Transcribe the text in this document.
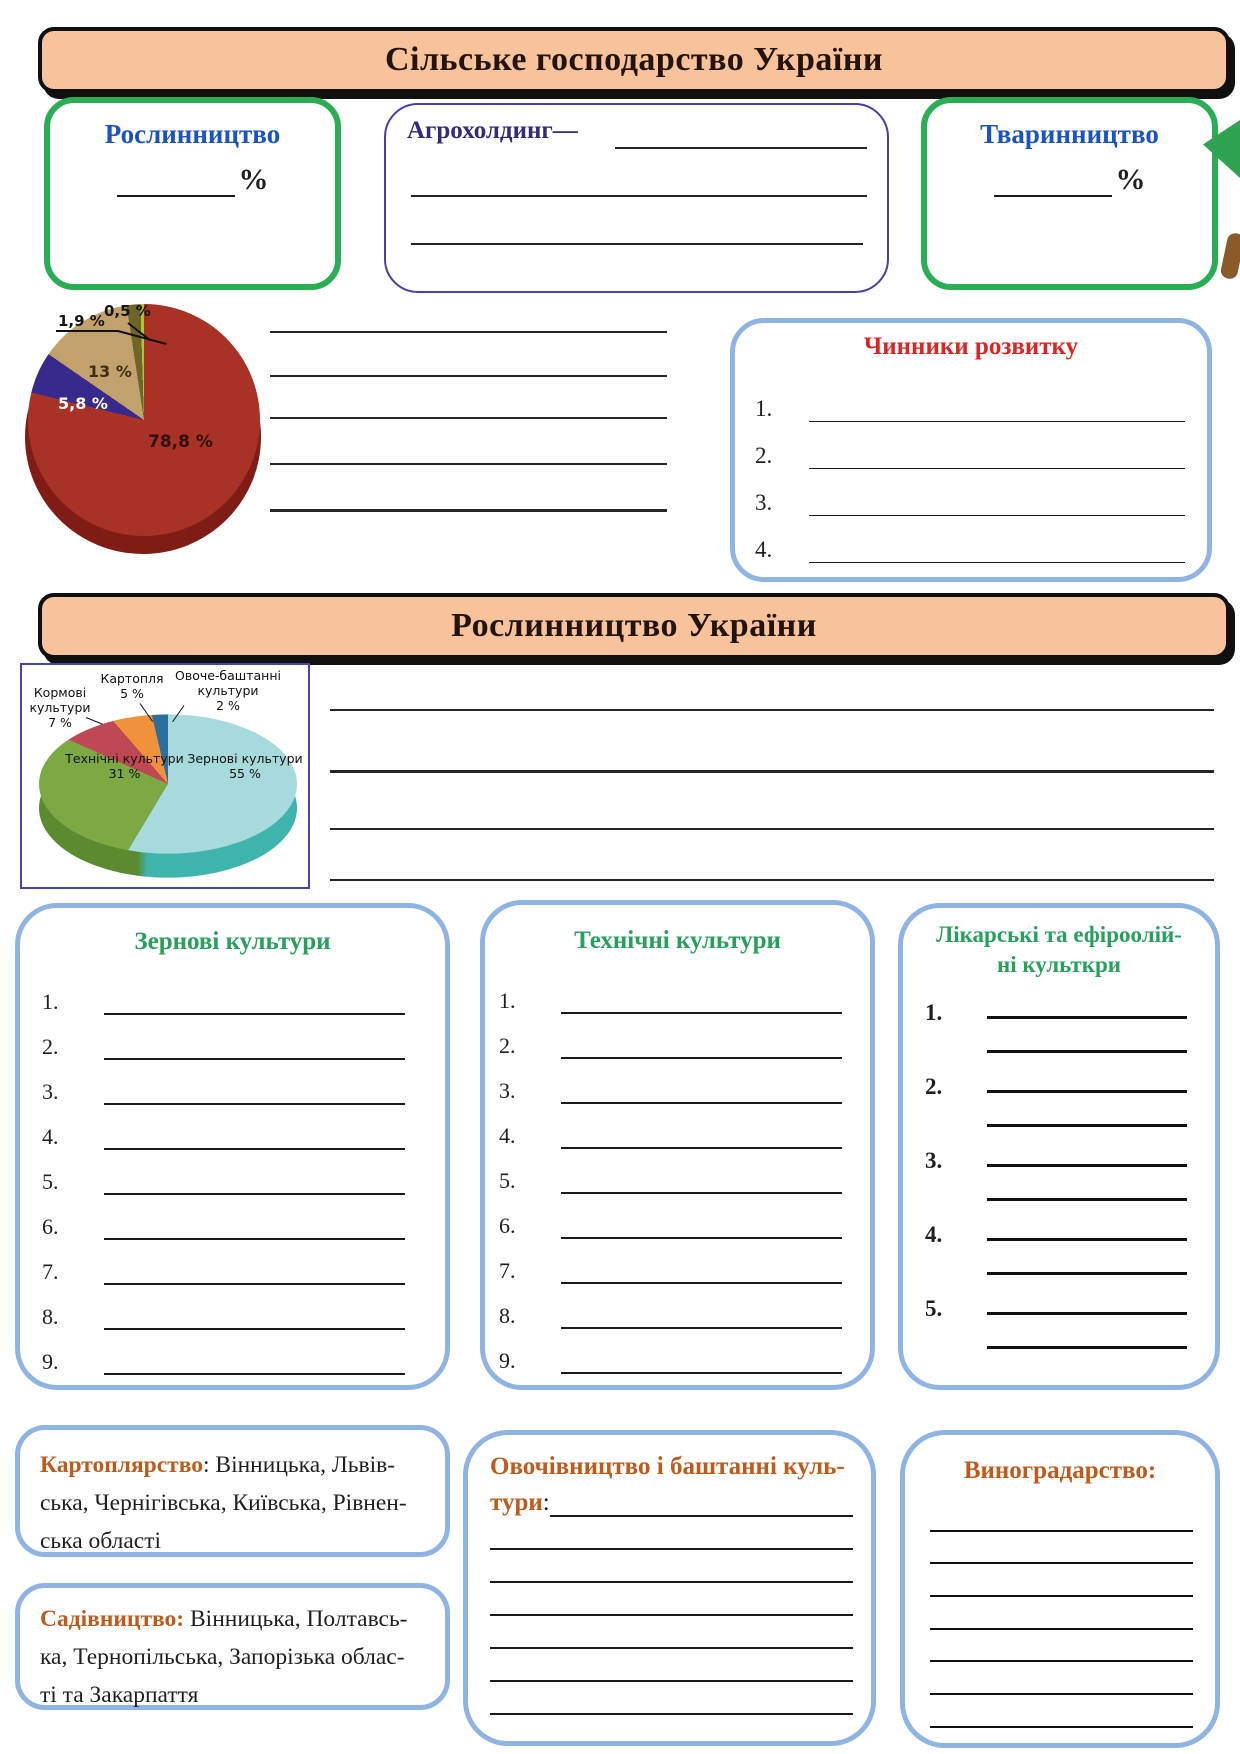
Сільське господарство України
Рослинництво
%
Агрохолдинг—	Тваринництво
%
1,9 %
0,5 %
13 %
5,8 %
78,8 %
Чинники розвитку
1.
2.
3.
4.
Рослинництво України
Картопля
5 %
Овоче-баштанні
культури
2 %
Кормові
культури
7 %
Технічні культури
31 %
Зернові культури
55 %
Зернові культури
1.
2.
3.
4.
5.
6.
7.
8.
9.
Технічні культури
1.
2.
3.
4.
5.
6.
7.
8.
9.
Лікарські та ефіроолій-
ні культкри
1.
2.
3.
4.
5.
Картоплярство: Вінницька, Львів-
ська, Чернігівська, Київська, Рівнен-
ська області
Садівництво: Вінницька, Полтавсь-
ка, Тернопільська, Запорізька облас-
ті та Закарпаття
Овочівництво і баштанні куль-
тури :
Виноградарство:
